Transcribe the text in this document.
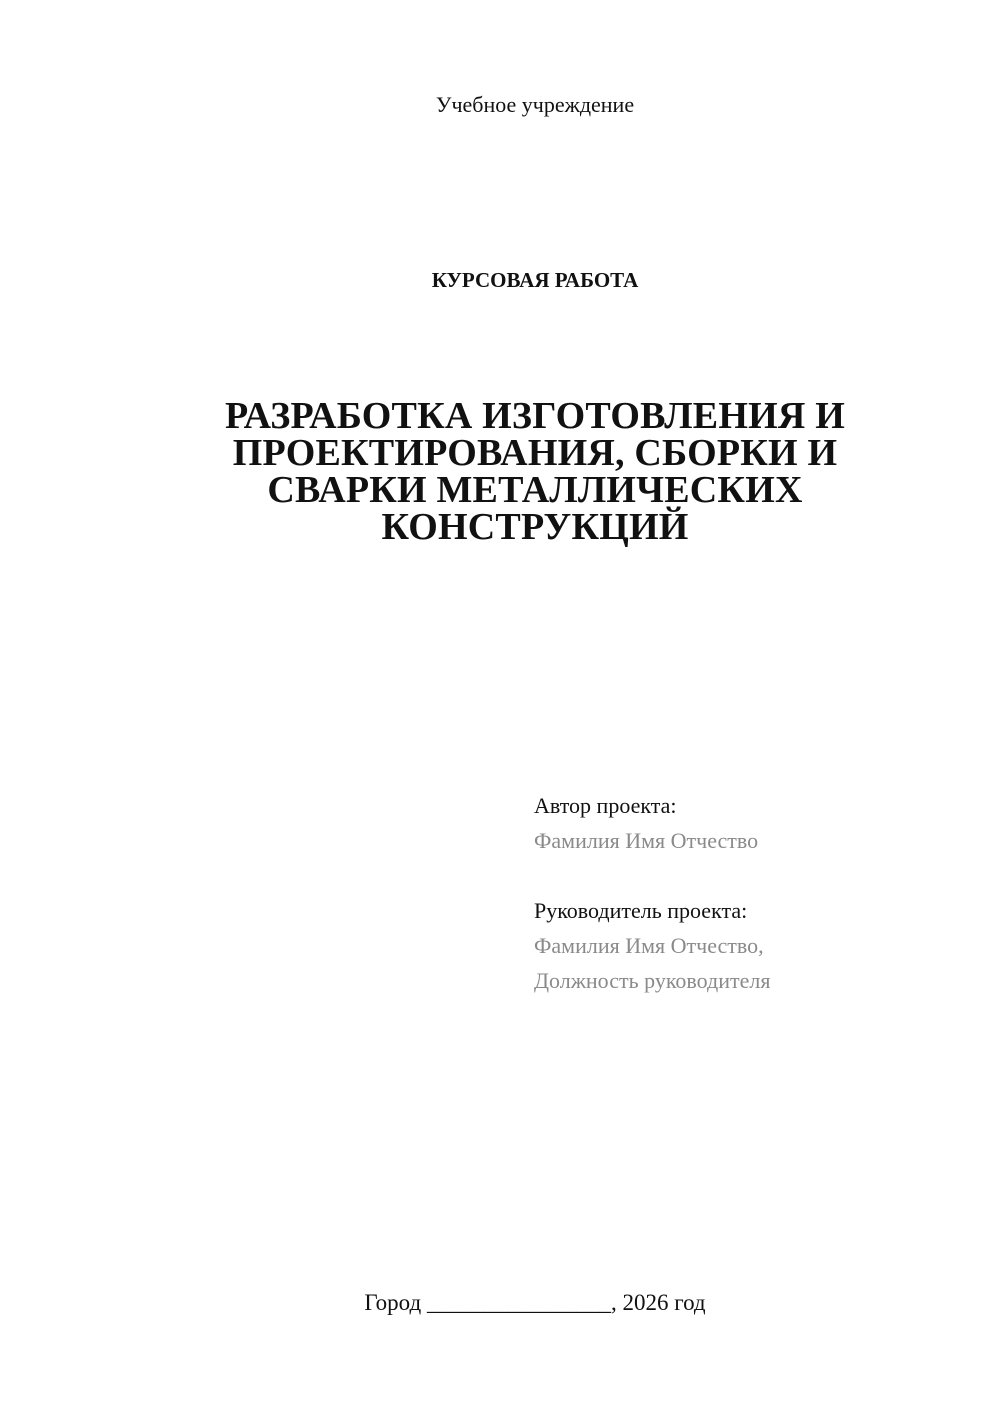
Учебное учреждение
КУРСОВАЯ РАБОТА
РАЗРАБОТКА ИЗГОТОВЛЕНИЯ И
ПРОЕКТИРОВАНИЯ, СБОРКИ И
СВАРКИ МЕТАЛЛИЧЕСКИХ
КОНСТРУКЦИЙ
Автор проекта:
Фамилия Имя Отчество
Руководитель проекта:
Фамилия Имя Отчество,
Должность руководителя
Город ________________, 2026 год
